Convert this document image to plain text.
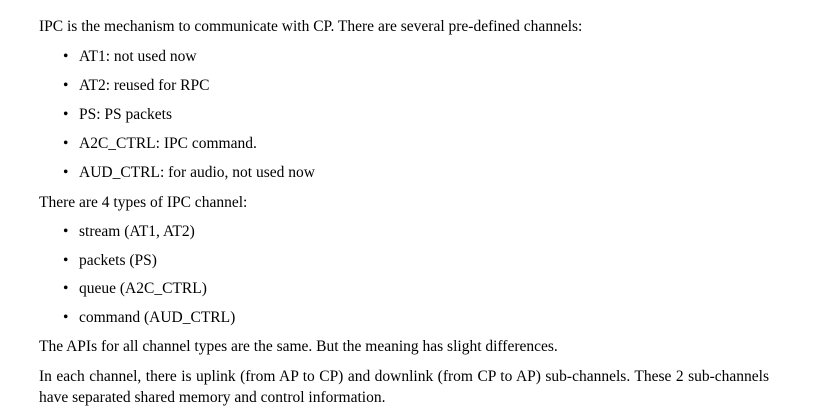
IPC is the mechanism to communicate with CP. There are several pre-defined channels:

• AT1: not used now
• AT2: reused for RPC
• PS: PS packets
• A2C_CTRL: IPC command.
• AUD_CTRL: for audio, not used now

There are 4 types of IPC channel:

• stream (AT1, AT2)
• packets (PS)
• queue (A2C_CTRL)
• command (AUD_CTRL)

The APIs for all channel types are the same. But the meaning has slight differences.

In each channel, there is uplink (from AP to CP) and downlink (from CP to AP) sub-channels. These 2 sub-channels have separated shared memory and control information.
